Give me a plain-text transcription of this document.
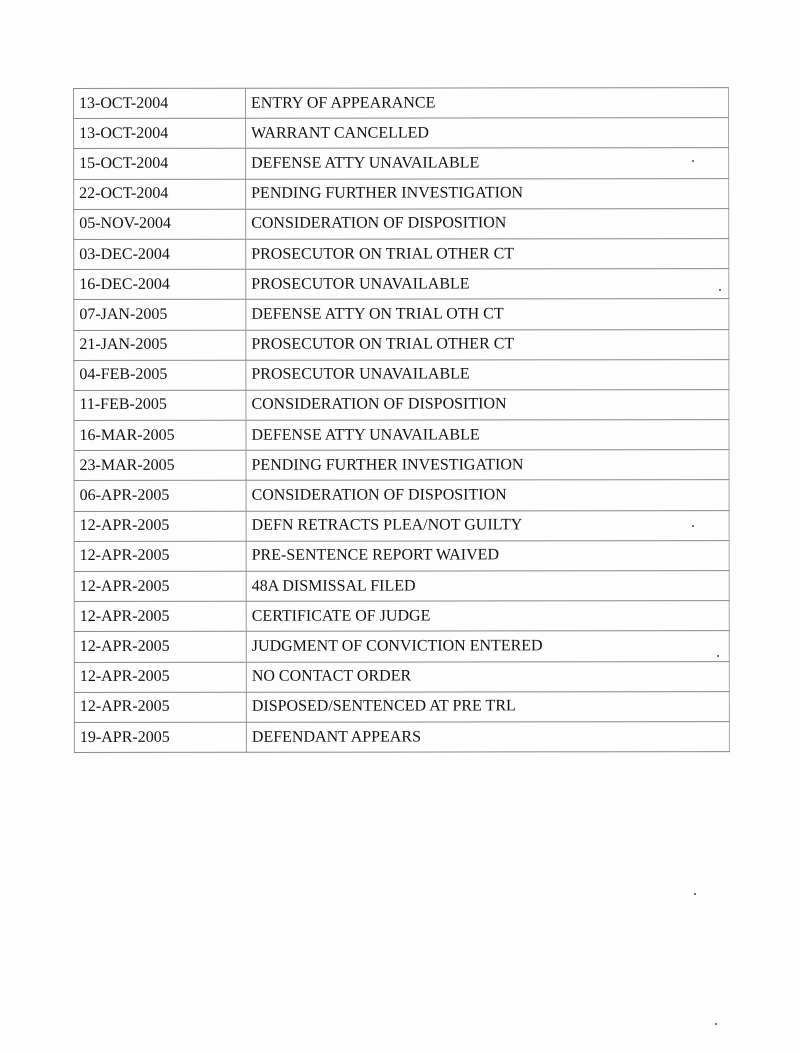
13-OCT-2004	ENTRY OF APPEARANCE
13-OCT-2004	WARRANT CANCELLED
15-OCT-2004	DEFENSE ATTY UNAVAILABLE
22-OCT-2004	PENDING FURTHER INVESTIGATION
05-NOV-2004	CONSIDERATION OF DISPOSITION
03-DEC-2004	PROSECUTOR ON TRIAL OTHER CT
16-DEC-2004	PROSECUTOR UNAVAILABLE
07-JAN-2005	DEFENSE ATTY ON TRIAL OTH CT
21-JAN-2005	PROSECUTOR ON TRIAL OTHER CT
04-FEB-2005	PROSECUTOR UNAVAILABLE
11-FEB-2005	CONSIDERATION OF DISPOSITION
16-MAR-2005	DEFENSE ATTY UNAVAILABLE
23-MAR-2005	PENDING FURTHER INVESTIGATION
06-APR-2005	CONSIDERATION OF DISPOSITION
12-APR-2005	DEFN RETRACTS PLEA/NOT GUILTY
12-APR-2005	PRE-SENTENCE REPORT WAIVED
12-APR-2005	48A DISMISSAL FILED
12-APR-2005	CERTIFICATE OF JUDGE
12-APR-2005	JUDGMENT OF CONVICTION ENTERED
12-APR-2005	NO CONTACT ORDER
12-APR-2005	DISPOSED/SENTENCED AT PRE TRL
19-APR-2005	DEFENDANT APPEARS
